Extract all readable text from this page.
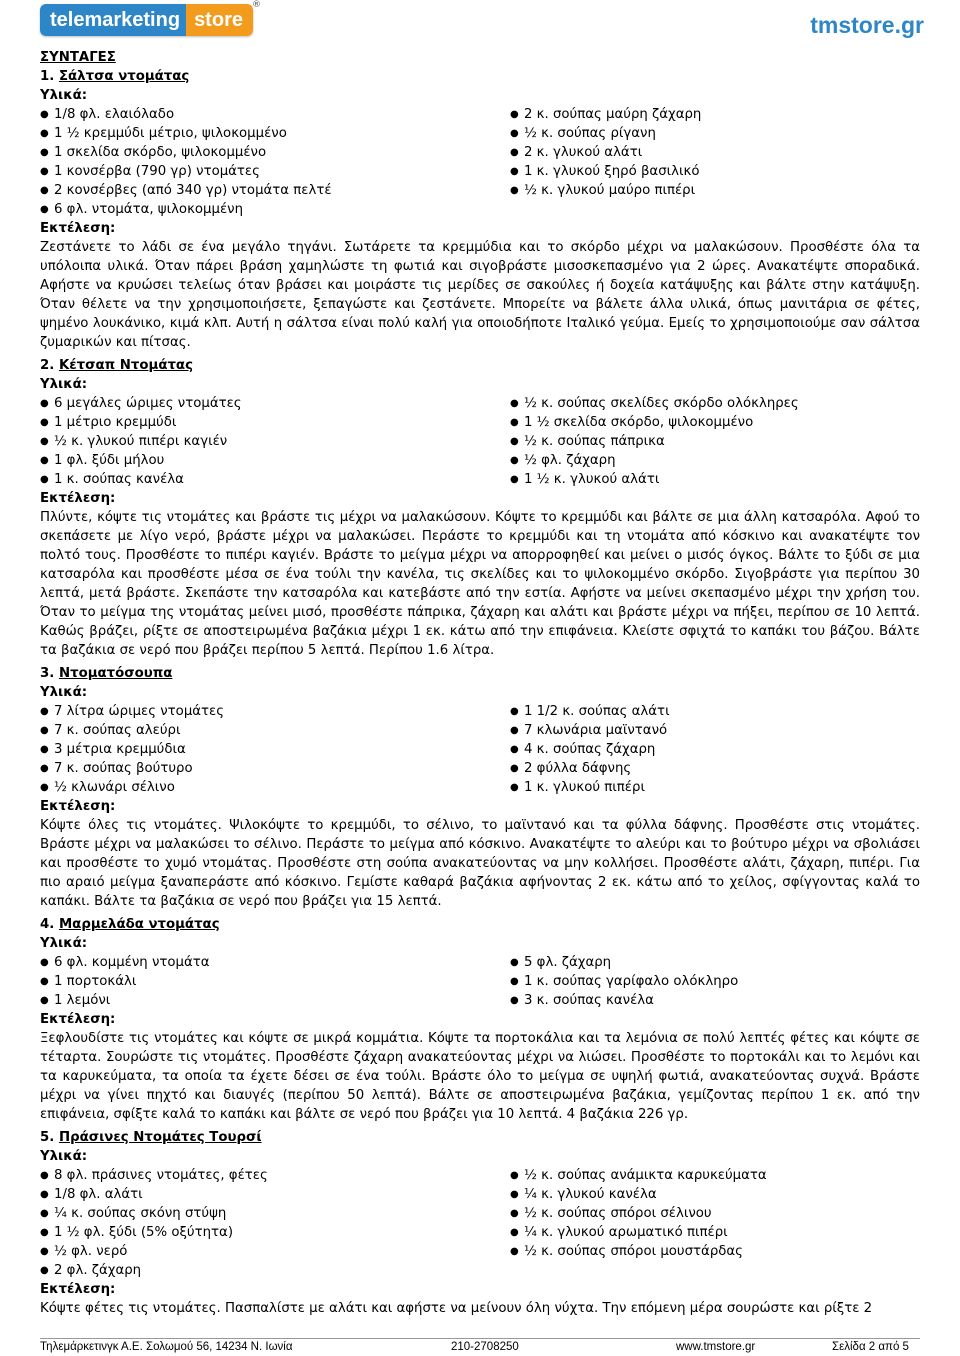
telemarketing store
®
tmstore.gr
ΣΥΝΤΑΓΕΣ
1. Σάλτσα ντομάτας
Υλικά:
● 1/8 φλ. ελαιόλαδο
● 1 ½ κρεμμύδι μέτριο, ψιλοκομμένο
● 1 σκελίδα σκόρδο, ψιλοκομμένο
● 1 κονσέρβα (790 γρ) ντομάτες
● 2 κονσέρβες (από 340 γρ) ντομάτα πελτέ
● 6 φλ. ντομάτα, ψιλοκομμένη
● 2 κ. σούπας μαύρη ζάχαρη
● ½ κ. σούπας ρίγανη
● 2 κ. γλυκού αλάτι
● 1 κ. γλυκού ξηρό βασιλικό
● ½ κ. γλυκού μαύρο πιπέρι
Εκτέλεση:
Ζεστάνετε το λάδι σε ένα μεγάλο τηγάνι. Σωτάρετε τα κρεμμύδια και το σκόρδο μέχρι να μαλακώσουν. Προσθέστε όλα τα υπόλοιπα υλικά. Όταν πάρει βράση χαμηλώστε τη φωτιά και σιγοβράστε μισοσκεπασμένο για 2 ώρες. Ανακατέψτε σποραδικά. Αφήστε να κρυώσει τελείως όταν βράσει και μοιράστε τις μερίδες σε σακούλες ή δοχεία κατάψυξης και βάλτε στην κατάψυξη. Όταν θέλετε να την χρησιμοποιήσετε, ξεπαγώστε και ζεστάνετε. Μπορείτε να βάλετε άλλα υλικά, όπως μανιτάρια σε φέτες, ψημένο λουκάνικο, κιμά κλπ. Αυτή η σάλτσα είναι πολύ καλή για οποιοδήποτε Ιταλικό γεύμα. Εμείς το χρησιμοποιούμε σαν σάλτσα ζυμαρικών και πίτσας.
2. Κέτσαπ Ντομάτας
Υλικά:
● 6 μεγάλες ώριμες ντομάτες
● 1 μέτριο κρεμμύδι
● ½ κ. γλυκού πιπέρι καγιέν
● 1 φλ. ξύδι μήλου
● 1 κ. σούπας κανέλα
● ½ κ. σούπας σκελίδες σκόρδο ολόκληρες
● 1 ½ σκελίδα σκόρδο, ψιλοκομμένο
● ½ κ. σούπας πάπρικα
● ½ φλ. ζάχαρη
● 1 ½ κ. γλυκού αλάτι
Εκτέλεση:
Πλύντε, κόψτε τις ντομάτες και βράστε τις μέχρι να μαλακώσουν. Κόψτε το κρεμμύδι και βάλτε σε μια άλλη κατσαρόλα. Αφού το σκεπάσετε με λίγο νερό, βράστε μέχρι να μαλακώσει. Περάστε το κρεμμύδι και τη ντομάτα από κόσκινο και ανακατέψτε τον πολτό τους. Προσθέστε το πιπέρι καγιέν. Βράστε το μείγμα μέχρι να απορροφηθεί και μείνει ο μισός όγκος. Βάλτε το ξύδι σε μια κατσαρόλα και προσθέστε μέσα σε ένα τούλι την κανέλα, τις σκελίδες και το ψιλοκομμένο σκόρδο. Σιγοβράστε για περίπου 30 λεπτά, μετά βράστε. Σκεπάστε την κατσαρόλα και κατεβάστε από την εστία. Αφήστε να μείνει σκεπασμένο μέχρι την χρήση του. Όταν το μείγμα της ντομάτας μείνει μισό, προσθέστε πάπρικα, ζάχαρη και αλάτι και βράστε μέχρι να πήξει, περίπου σε 10 λεπτά. Καθώς βράζει, ρίξτε σε αποστειρωμένα βαζάκια μέχρι 1 εκ. κάτω από την επιφάνεια. Κλείστε σφιχτά το καπάκι του βάζου. Βάλτε τα βαζάκια σε νερό που βράζει περίπου 5 λεπτά. Περίπου 1.6 λίτρα.
3. Ντοματόσουπα
Υλικά:
● 7 λίτρα ώριμες ντομάτες
● 7 κ. σούπας αλεύρι
● 3 μέτρια κρεμμύδια
● 7 κ. σούπας βούτυρο
● ½ κλωνάρι σέλινο
● 1 1/2 κ. σούπας αλάτι
● 7 κλωνάρια μαϊντανό
● 4 κ. σούπας ζάχαρη
● 2 φύλλα δάφνης
● 1 κ. γλυκού πιπέρι
Εκτέλεση:
Κόψτε όλες τις ντομάτες. Ψιλοκόψτε το κρεμμύδι, το σέλινο, το μαϊντανό και τα φύλλα δάφνης. Προσθέστε στις ντομάτες. Βράστε μέχρι να μαλακώσει το σέλινο. Περάστε το μείγμα από κόσκινο. Ανακατέψτε το αλεύρι και το βούτυρο μέχρι να σβολιάσει και προσθέστε το χυμό ντομάτας. Προσθέστε στη σούπα ανακατεύοντας να μην κολλήσει. Προσθέστε αλάτι, ζάχαρη, πιπέρι. Για πιο αραιό μείγμα ξαναπεράστε από κόσκινο. Γεμίστε καθαρά βαζάκια αφήνοντας 2 εκ. κάτω από το χείλος, σφίγγοντας καλά το καπάκι. Βάλτε τα βαζάκια σε νερό που βράζει για 15 λεπτά.
4. Μαρμελάδα ντομάτας
Υλικά:
● 6 φλ. κομμένη ντομάτα
● 1 πορτοκάλι
● 1 λεμόνι
● 5 φλ. ζάχαρη
● 1 κ. σούπας γαρίφαλο ολόκληρο
● 3 κ. σούπας κανέλα
Εκτέλεση:
Ξεφλουδίστε τις ντομάτες και κόψτε σε μικρά κομμάτια. Κόψτε τα πορτοκάλια και τα λεμόνια σε πολύ λεπτές φέτες και κόψτε σε τέταρτα. Σουρώστε τις ντομάτες. Προσθέστε ζάχαρη ανακατεύοντας μέχρι να λιώσει. Προσθέστε το πορτοκάλι και το λεμόνι και τα καρυκεύματα, τα οποία τα έχετε δέσει σε ένα τούλι. Βράστε όλο το μείγμα σε υψηλή φωτιά, ανακατεύοντας συχνά. Βράστε μέχρι να γίνει πηχτό και διαυγές (περίπου 50 λεπτά). Βάλτε σε αποστειρωμένα βαζάκια, γεμίζοντας περίπου 1 εκ. από την επιφάνεια, σφίξτε καλά το καπάκι και βάλτε σε νερό που βράζει για 10 λεπτά. 4 βαζάκια 226 γρ.
5. Πράσινες Ντομάτες Τουρσί
Υλικά:
● 8 φλ. πράσινες ντομάτες, φέτες
● 1/8 φλ. αλάτι
● ¼ κ. σούπας σκόνη στύψη
● 1 ½ φλ. ξύδι (5% οξύτητα)
● ½ φλ. νερό
● 2 φλ. ζάχαρη
● ½ κ. σούπας ανάμικτα καρυκεύματα
● ¼ κ. γλυκού κανέλα
● ½ κ. σούπας σπόροι σέλινου
● ¼ κ. γλυκού αρωματικό πιπέρι
● ½ κ. σούπας σπόροι μουστάρδας
Εκτέλεση:
Κόψτε φέτες τις ντομάτες. Πασπαλίστε με αλάτι και αφήστε να μείνουν όλη νύχτα. Την επόμενη μέρα σουρώστε και ρίξτε 2
Τηλεμάρκετινγκ Α.Ε. Σολωμού 56, 14234 Ν. Ιωνία	210-2708250	www.tmstore.gr	Σελίδα 2 από 5
